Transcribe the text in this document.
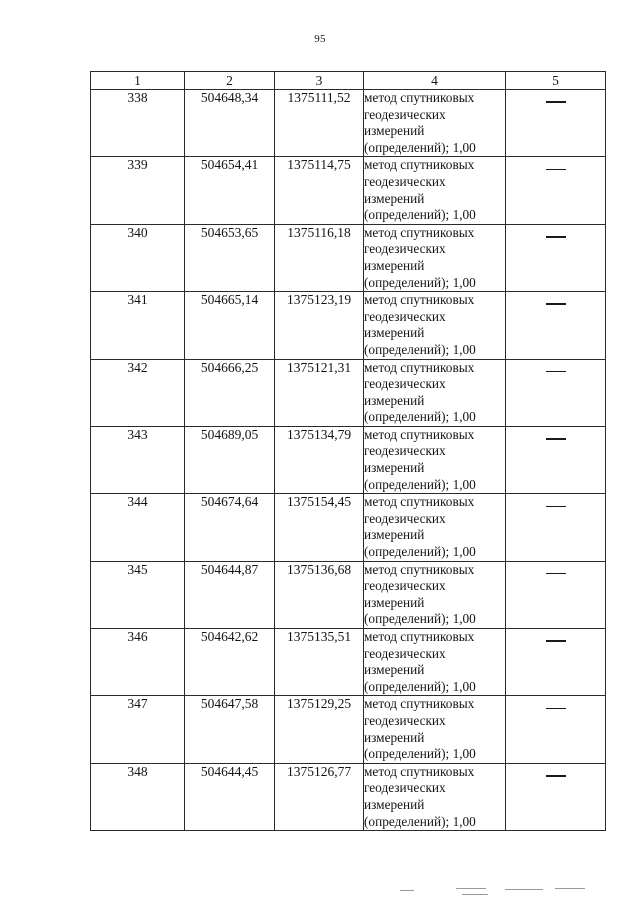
95
1	2	3	4	5
338	504648,34	1375111,52	метод спутниковых геодезических измерений (определений); 1,00	
339	504654,41	1375114,75	метод спутниковых геодезических измерений (определений); 1,00	
340	504653,65	1375116,18	метод спутниковых геодезических измерений (определений); 1,00	
341	504665,14	1375123,19	метод спутниковых геодезических измерений (определений); 1,00	
342	504666,25	1375121,31	метод спутниковых геодезических измерений (определений); 1,00	
343	504689,05	1375134,79	метод спутниковых геодезических измерений (определений); 1,00	
344	504674,64	1375154,45	метод спутниковых геодезических измерений (определений); 1,00	
345	504644,87	1375136,68	метод спутниковых геодезических измерений (определений); 1,00	
346	504642,62	1375135,51	метод спутниковых геодезических измерений (определений); 1,00	
347	504647,58	1375129,25	метод спутниковых геодезических измерений (определений); 1,00	
348	504644,45	1375126,77	метод спутниковых геодезических измерений (определений); 1,00	
